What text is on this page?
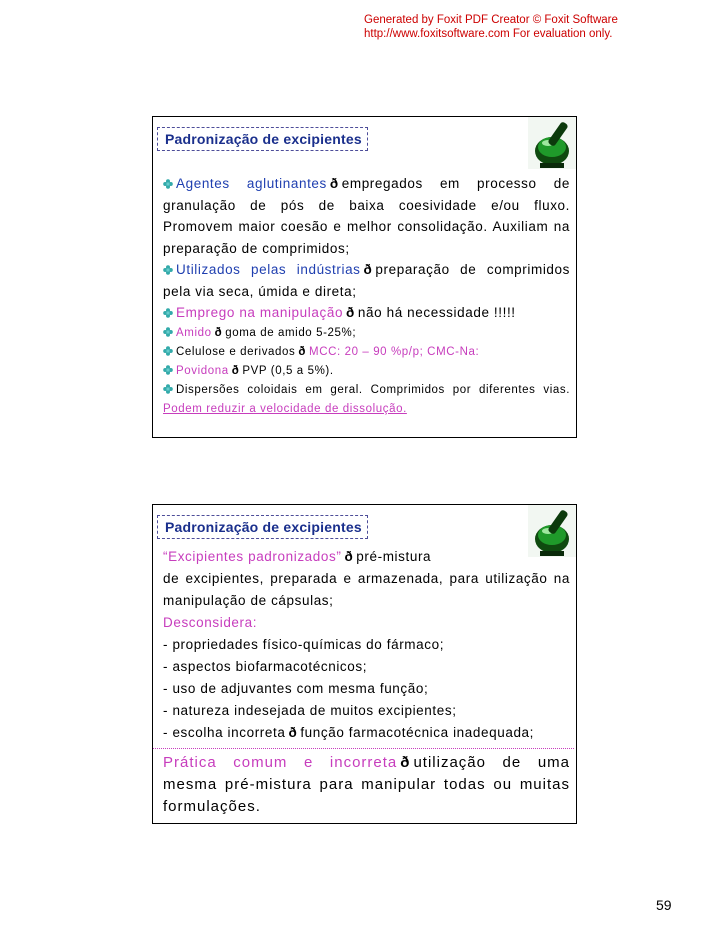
Generated by Foxit PDF Creator © Foxit Software
http://www.foxitsoftware.com For evaluation only.
Padronização de excipientes
Agentes aglutinantes ð empregados em processo de granulação de pós de baixa coesividade e/ou fluxo. Promovem maior coesão e melhor consolidação. Auxiliam na preparação de comprimidos;
Utilizados pelas indústrias ð preparação de comprimidos pela via seca, úmida e direta;
Emprego na manipulação ð não há necessidade !!!!!
Amido ð goma de amido 5-25%;
Celulose e derivados ð MCC: 20 – 90 %p/p; CMC-Na:
Povidona ð PVP (0,5 a 5%).
Dispersões coloidais em geral. Comprimidos por diferentes vias. Podem reduzir a velocidade de dissolução.
Padronização de excipientes
“Excipientes padronizados” ð pré-mistura
de excipientes, preparada e armazenada, para utilização na manipulação de cápsulas;
Desconsidera:
- propriedades físico-químicas do fármaco;
- aspectos biofarmacotécnicos;
- uso de adjuvantes com mesma função;
- natureza indesejada de muitos excipientes;
- escolha incorreta ð função farmacotécnica inadequada;
Prática comum e incorreta ð utilização de uma mesma pré-mistura para manipular todas ou muitas formulações.
59
